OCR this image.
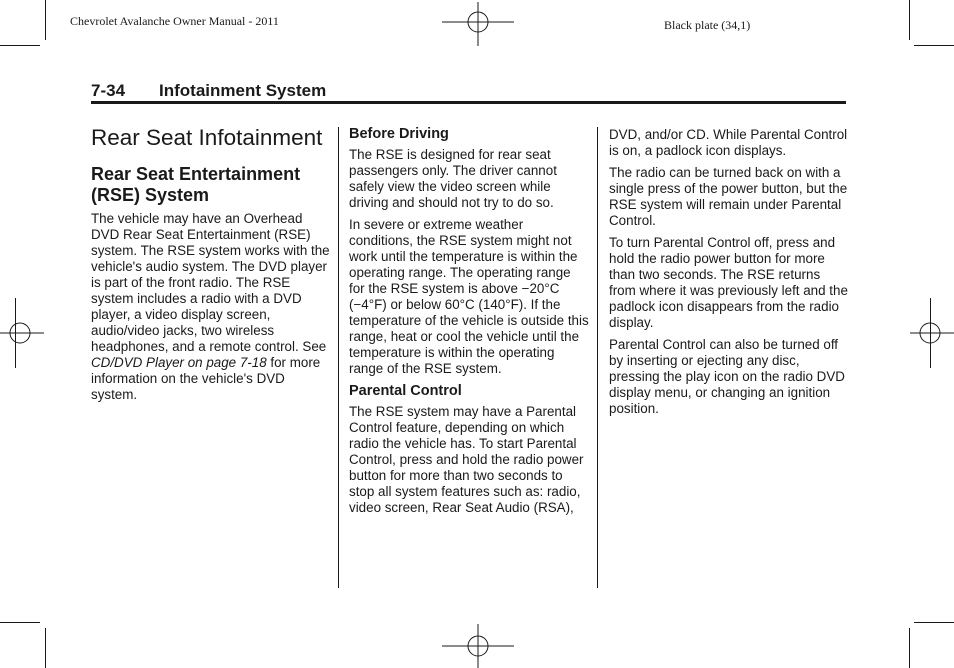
Chevrolet Avalanche Owner Manual - 2011	Black plate (34,1)
7-34 Infotainment System
Rear Seat Infotainment
Rear Seat Entertainment (RSE) System

The vehicle may have an Overhead DVD Rear Seat Entertainment (RSE) system. The RSE system works with the vehicle's audio system. The DVD player is part of the front radio. The RSE system includes a radio with a DVD player, a video display screen, audio/video jacks, two wireless headphones, and a remote control. See CD/DVD Player on page 7-18 for more information on the vehicle's DVD system.

Before Driving

The RSE is designed for rear seat passengers only. The driver cannot safely view the video screen while driving and should not try to do so.

In severe or extreme weather conditions, the RSE system might not work until the temperature is within the operating range. The operating range for the RSE system is above −20°C (−4°F) or below 60°C (140°F). If the temperature of the vehicle is outside this range, heat or cool the vehicle until the temperature is within the operating range of the RSE system.

Parental Control

The RSE system may have a Parental Control feature, depending on which radio the vehicle has. To start Parental Control, press and hold the radio power button for more than two seconds to stop all system features such as: radio, video screen, Rear Seat Audio (RSA),

DVD, and/or CD. While Parental Control is on, a padlock icon displays.

The radio can be turned back on with a single press of the power button, but the RSE system will remain under Parental Control.

To turn Parental Control off, press and hold the radio power button for more than two seconds. The RSE returns from where it was previously left and the padlock icon disappears from the radio display.

Parental Control can also be turned off by inserting or ejecting any disc, pressing the play icon on the radio DVD display menu, or changing an ignition position.
